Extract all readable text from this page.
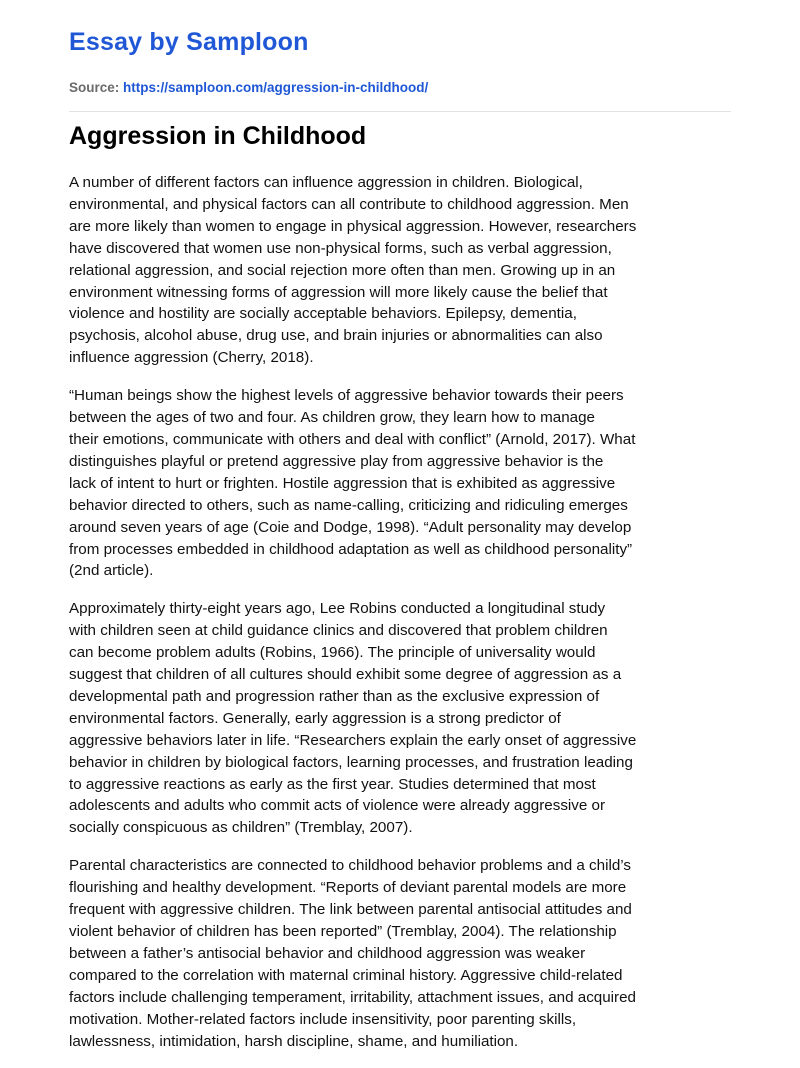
Essay by Samploon
Source: https://samploon.com/aggression-in-childhood/
Aggression in Childhood

A number of different factors can influence aggression in children. Biological,
environmental, and physical factors can all contribute to childhood aggression. Men
are more likely than women to engage in physical aggression. However, researchers
have discovered that women use non-physical forms, such as verbal aggression,
relational aggression, and social rejection more often than men. Growing up in an
environment witnessing forms of aggression will more likely cause the belief that
violence and hostility are socially acceptable behaviors. Epilepsy, dementia,
psychosis, alcohol abuse, drug use, and brain injuries or abnormalities can also
influence aggression (Cherry, 2018).

“Human beings show the highest levels of aggressive behavior towards their peers
between the ages of two and four. As children grow, they learn how to manage
their emotions, communicate with others and deal with conflict” (Arnold, 2017). What
distinguishes playful or pretend aggressive play from aggressive behavior is the
lack of intent to hurt or frighten. Hostile aggression that is exhibited as aggressive
behavior directed to others, such as name-calling, criticizing and ridiculing emerges
around seven years of age (Coie and Dodge, 1998). “Adult personality may develop
from processes embedded in childhood adaptation as well as childhood personality”
(2nd article).

Approximately thirty-eight years ago, Lee Robins conducted a longitudinal study
with children seen at child guidance clinics and discovered that problem children
can become problem adults (Robins, 1966). The principle of universality would
suggest that children of all cultures should exhibit some degree of aggression as a
developmental path and progression rather than as the exclusive expression of
environmental factors. Generally, early aggression is a strong predictor of
aggressive behaviors later in life. “Researchers explain the early onset of aggressive
behavior in children by biological factors, learning processes, and frustration leading
to aggressive reactions as early as the first year. Studies determined that most
adolescents and adults who commit acts of violence were already aggressive or
socially conspicuous as children” (Tremblay, 2007).

Parental characteristics are connected to childhood behavior problems and a child’s
flourishing and healthy development. “Reports of deviant parental models are more
frequent with aggressive children. The link between parental antisocial attitudes and
violent behavior of children has been reported” (Tremblay, 2004). The relationship
between a father’s antisocial behavior and childhood aggression was weaker
compared to the correlation with maternal criminal history. Aggressive child-related
factors include challenging temperament, irritability, attachment issues, and acquired
motivation. Mother-related factors include insensitivity, poor parenting skills,
lawlessness, intimidation, harsh discipline, shame, and humiliation.
